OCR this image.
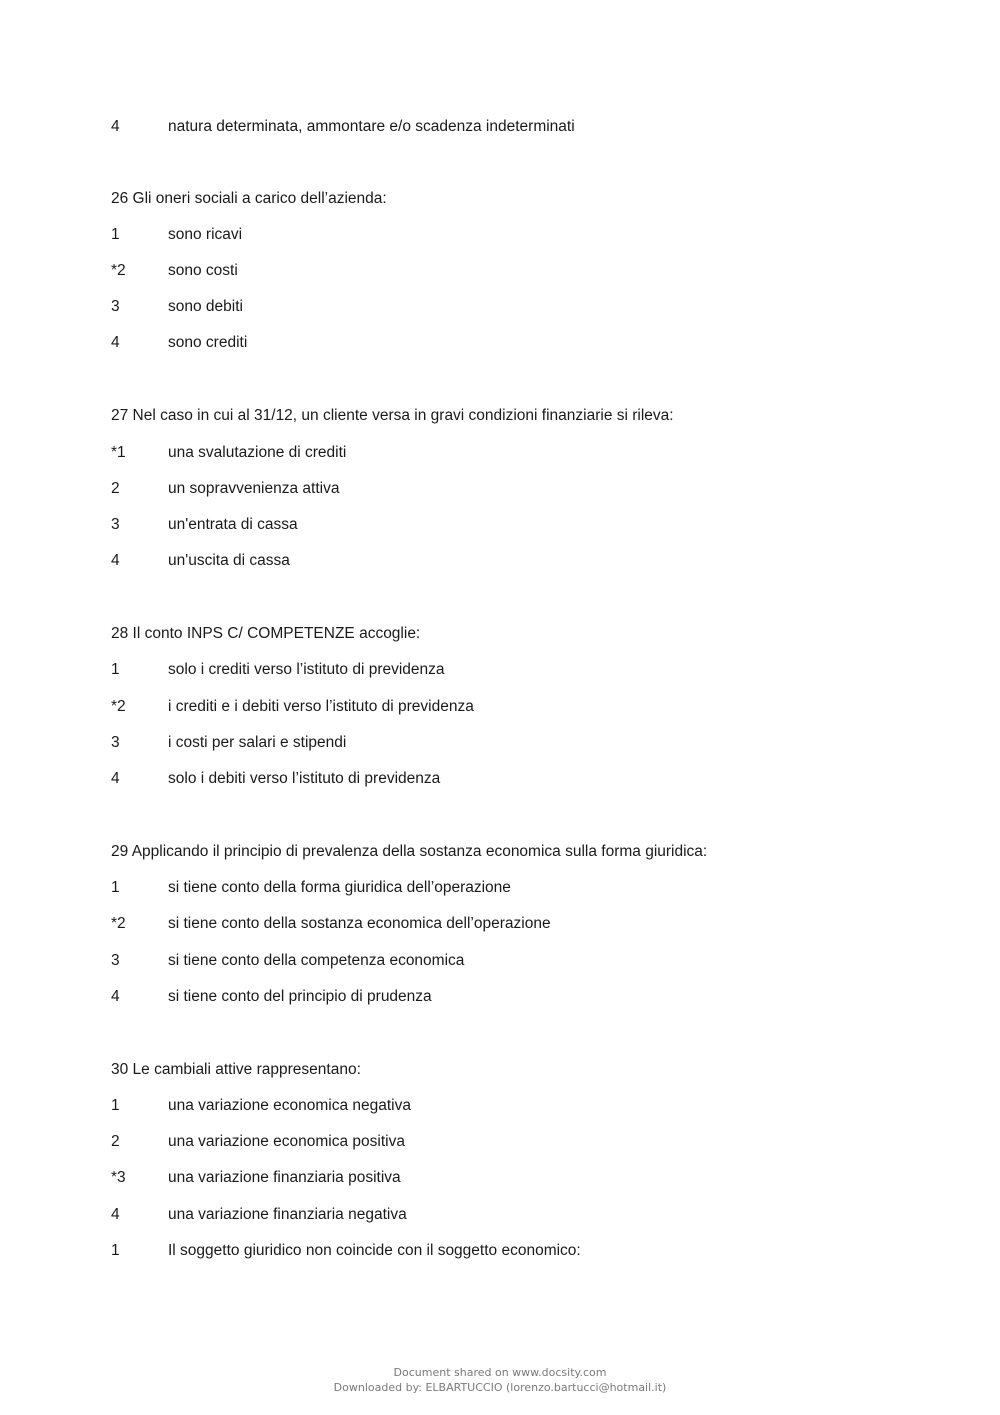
4	natura determinata, ammontare e/o scadenza indeterminati
26 Gli oneri sociali a carico dell’azienda:
1	sono ricavi
*2	sono costi
3	sono debiti
4	sono crediti
27 Nel caso in cui al 31/12, un cliente versa in gravi condizioni finanziarie si rileva:
*1	una svalutazione di crediti
2	un sopravvenienza attiva
3	un'entrata di cassa
4	un'uscita di cassa
28 Il conto INPS C/ COMPETENZE accoglie:
1	solo i crediti verso l’istituto di previdenza
*2	i crediti e i debiti verso l’istituto di previdenza
3	i costi per salari e stipendi
4	solo i debiti verso l’istituto di previdenza
29 Applicando il principio di prevalenza della sostanza economica sulla forma giuridica:
1	si tiene conto della forma giuridica dell’operazione
*2	si tiene conto della sostanza economica dell’operazione
3	si tiene conto della competenza economica
4	si tiene conto del principio di prudenza
30 Le cambiali attive rappresentano:
1	una variazione economica negativa
2	una variazione economica positiva
*3	una variazione finanziaria positiva
4	una variazione finanziaria negativa
1	Il soggetto giuridico non coincide con il soggetto economico:
Document shared on www.docsity.com
Downloaded by: ELBARTUCCIO (lorenzo.bartucci@hotmail.it)
